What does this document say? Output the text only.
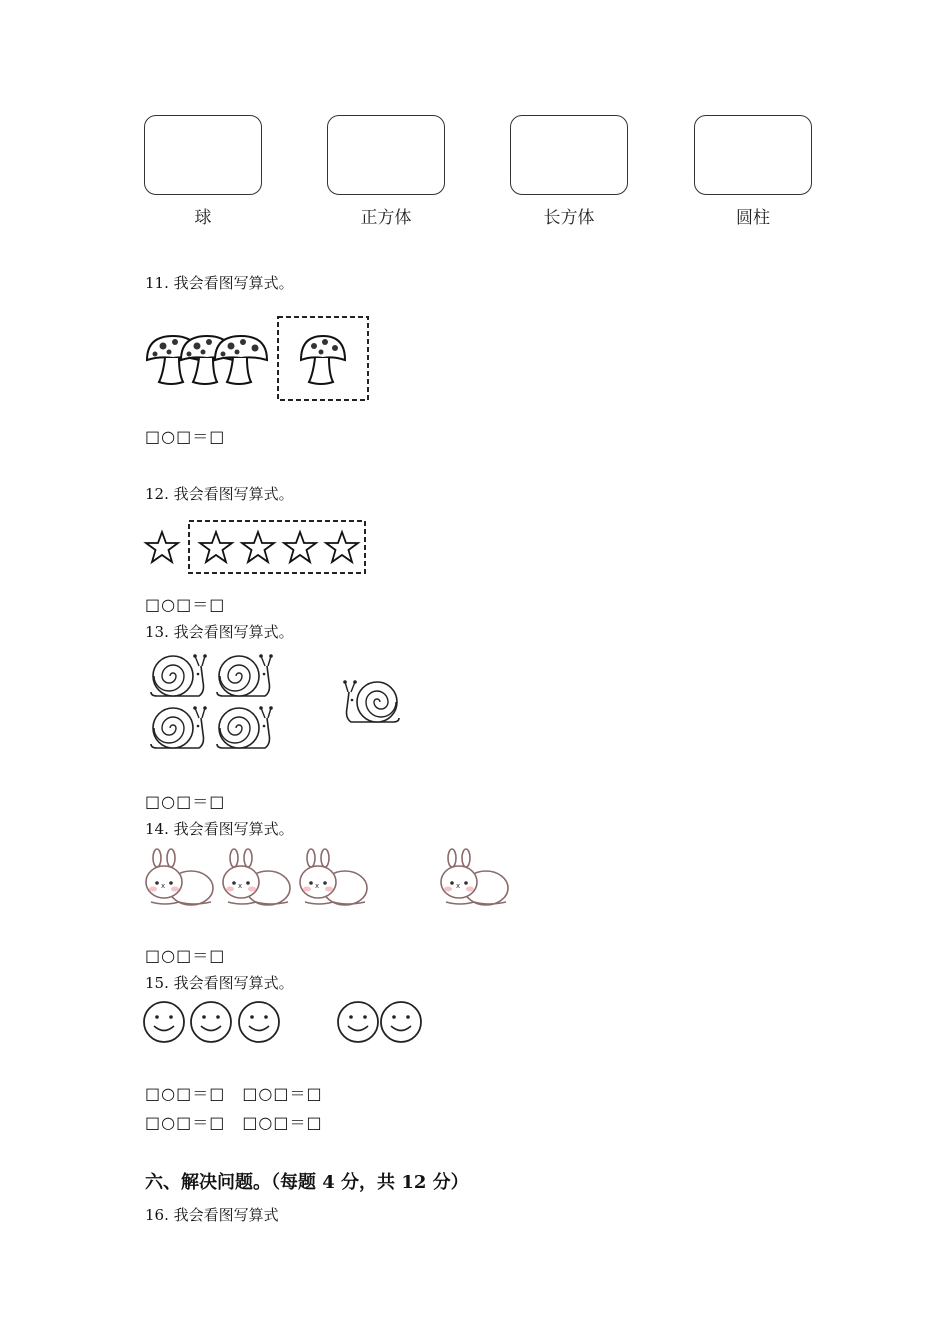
球	正方体	长方体	圆柱
11. 我会看图写算式。
□○□＝□
12. 我会看图写算式。
□○□＝□
13. 我会看图写算式。
□○□＝□
14. 我会看图写算式。
□○□＝□
15. 我会看图写算式。
□○□＝□　□○□＝□
□○□＝□　□○□＝□
六、解决问题。（每题 4 分，共 12 分）
16. 我会看图写算式
